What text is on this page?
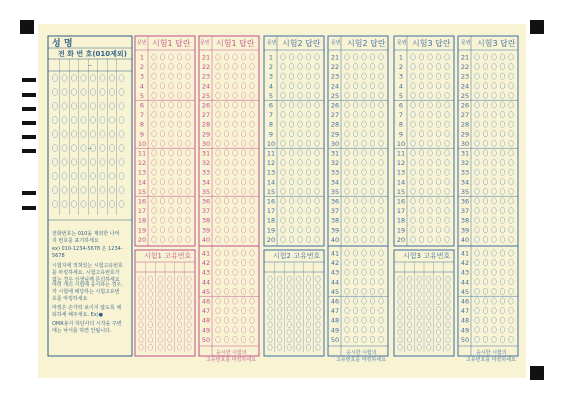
–
–
1	21
2	22
3	23
4	24
5	25
6	26
7	27
8	28
9	29
10	30
11	31
12	32
13	33
14	34
15	35
16	36
17	37
18	38
19	39
20	40
41
42
43
44
45
46
47
48
49
50
1	21
2	22
3	23
4	24
5	25
6	26
7	27
8	28
9	29
10	30
11	31
12	32
13	33
14	34
15	35
16	36
17	37
18	38
19	39
20	40
41
42
43
44
45
46
47
48
49
50
1	21
2	22
3	23
4	24
5	25
6	26
7	27
8	28
9	29
10	30
11	31
12	32
13	33
14	34
15	35
16	36
17	37
18	38
19	39
20	40
41
42
43
44
45
46
47
48
49
50
성 명
전 화 번 호(010제외)
전화번호는 010을 제외한 나머지 번호를 표기하세요
ex) 010-1234-5678 은 1234-5678
시험지에 적혀있는 시험고유번호를 마킹하세요. 시험고유번호가 없는 경우 선생님께 문의하세요
여러 개의 시험에 응시하는 경우, 각 시험에 해당하는 시험고유번호를 마킹하세요
마킹은 손가락 보이지 않도록 채워하세 해주세요. Ex)●
OMR용지 하단사의 시작을 주변에는 낙서를 하면 안됩니다.
문번 시험1 답란 문번 시험1 답란
시험1 고유번호
응시한 시험의
고유번호를 마킹하세요
문번 시험2 답란 문번 시험2 답란
시험2 고유번호
응시한 시험의
고유번호를 마킹하세요
문번 시험3 답란 문번 시험3 답란
시험3 고유번호
응시한 시험의
고유번호를 마킹하세요
